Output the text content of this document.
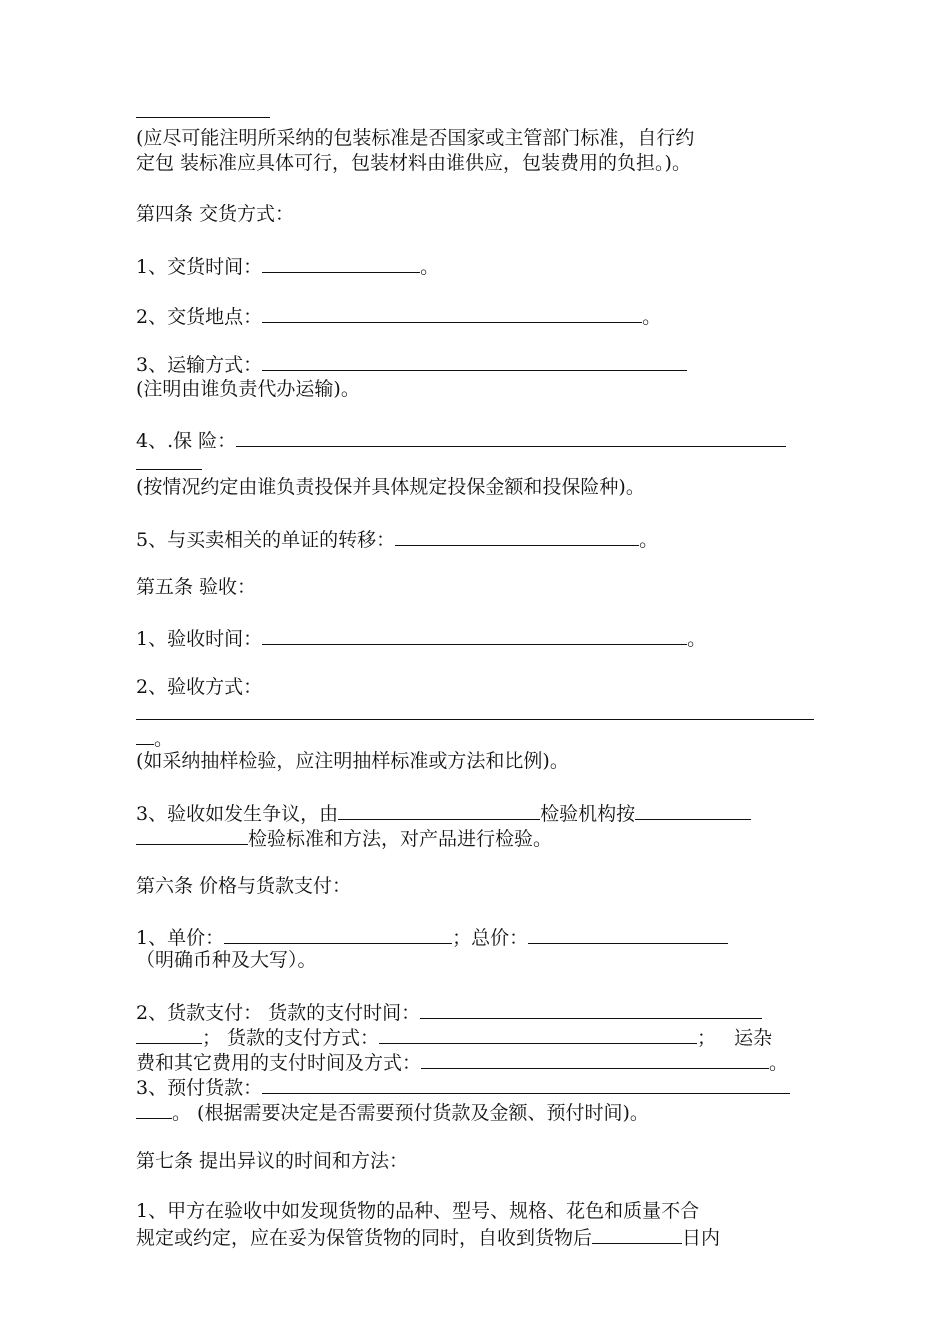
(应尽可能注明所采纳的包装标准是否国家或主管部门标准，自行约
定包 装标准应具体可行，包装材料由谁供应，包装费用的负担。)。
第四条 交货方式：
1、交货时间：	。
2、交货地点：	。
3、运输方式：
(注明由谁负责代办运输)。
4、.保 险：
(按情况约定由谁负责投保并具体规定投保金额和投保险种)。
5、与买卖相关的单证的转移：	。
第五条 验收：
1、验收时间：	。
2、验收方式：
。
(如采纳抽样检验，应注明抽样标准或方法和比例)。
3、验收如发生争议，由	检验机构按
检验标准和方法，对产品进行检验。
第六条 价格与货款支付：
1、单价：	；总价：
（明确币种及大写）。
2、货款支付： 货款的支付时间：
； 货款的支付方式：	； 运杂
费和其它费用的支付时间及方式：	。
3、预付货款：
。 (根据需要决定是否需要预付货款及金额、预付时间)。
第七条 提出异议的时间和方法：
1、甲方在验收中如发现货物的品种、型号、规格、花色和质量不合
规定或约定，应在妥为保管货物的同时，自收到货物后	日内
